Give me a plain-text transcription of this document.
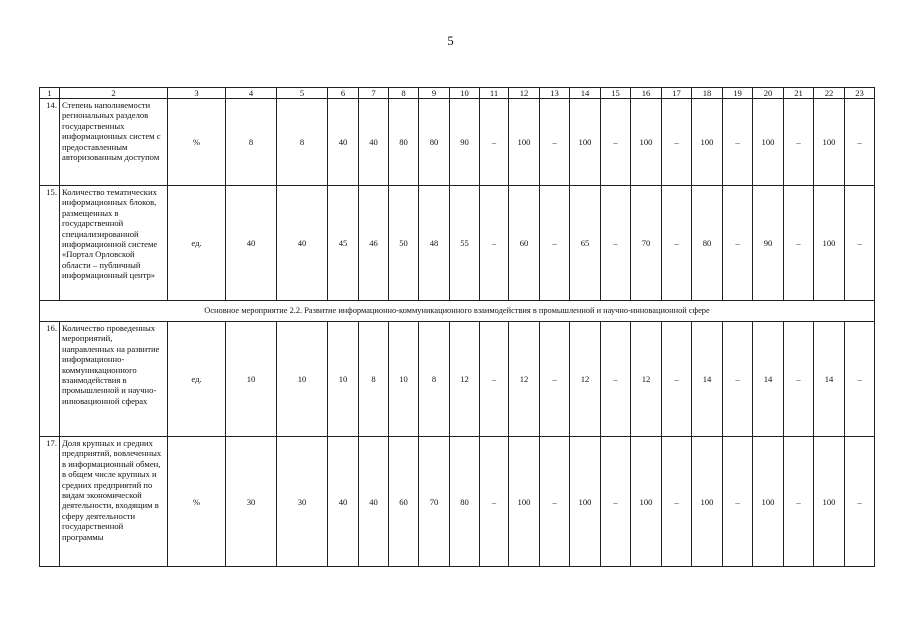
5
1	2	3	4	5	6	7	8	9	10	11	12	13	14	15	16	17	18	19	20	21	22	23
14.	Степень наполняемости региональных разделов государственных информационных систем с предоставленным авторизованным доступом	%	8	8	40	40	80	80	90	–	100	–	100	–	100	–	100	–	100	–	100	–
15.	Количество тематических информационных блоков, размещенных в государственной специализированной информационной системе «Портал Орловской области – публичный информационный центр»	ед.	40	40	45	46	50	48	55	–	60	–	65	–	70	–	80	–	90	–	100	–
Основное мероприятие 2.2. Развитие информационно-коммуникационного взаимодействия в промышленной и научно-инновационной сфере																						
16.	Количество проведенных мероприятий, направленных на развитие информационно-коммуникационного взаимодействия в промышленной и научно-инновационной сферах	ед.	10	10	10	8	10	8	12	–	12	–	12	–	12	–	14	–	14	–	14	–
17.	Доля крупных и средних предприятий, вовлеченных в информационный обмен, в общем числе крупных и средних предприятий по видам экономической деятельности, входящим в сферу деятельности государственной программы	%	30	30	40	40	60	70	80	–	100	–	100	–	100	–	100	–	100	–	100	–
